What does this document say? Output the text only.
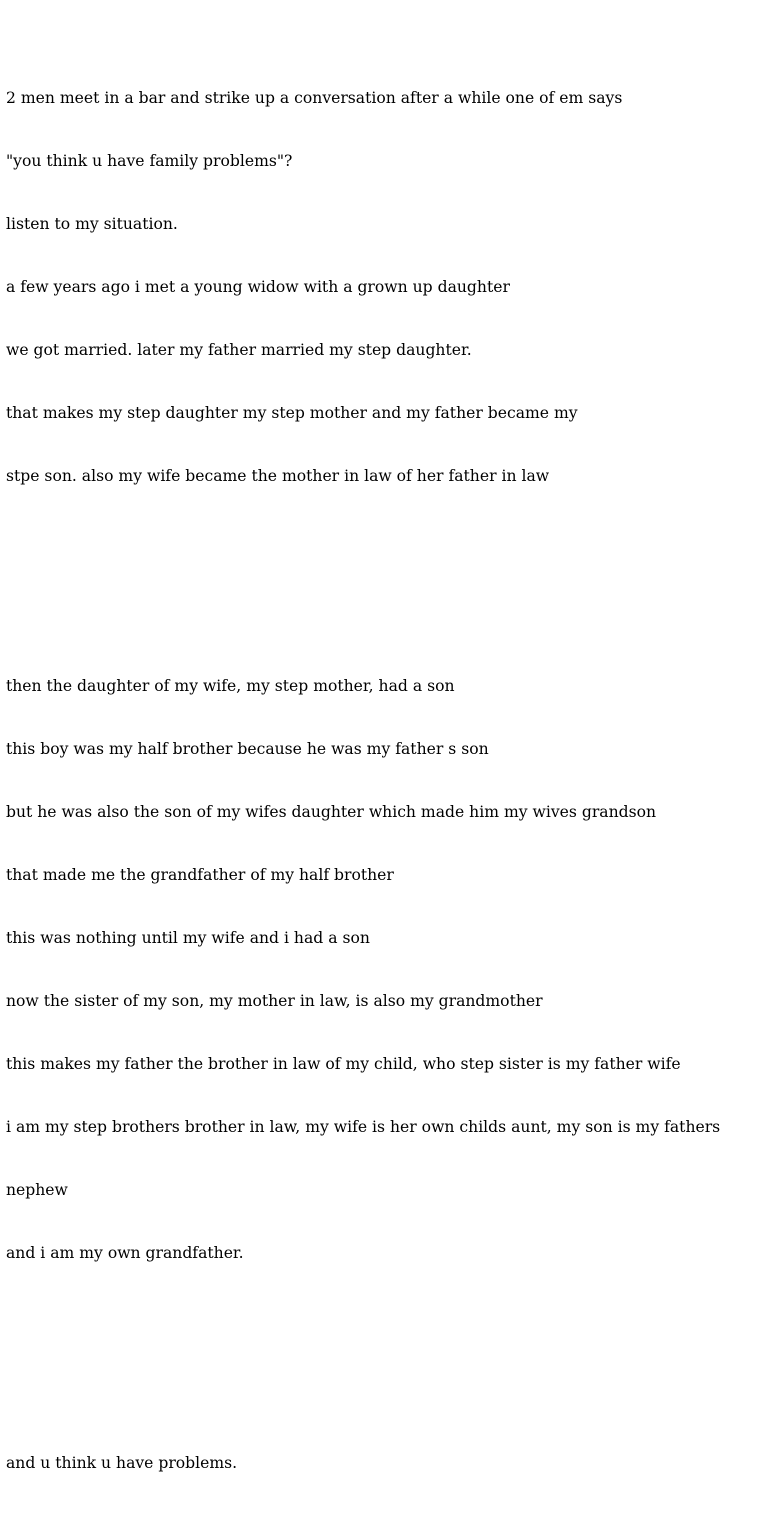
2 men meet in a bar and strike up a conversation after a while one of em says

"you think u have family problems"?

listen to my situation.

a few years ago i met a young widow with a grown up daughter

we got married. later my father married my step daughter.

that makes my step daughter my step mother and my father became my

stpe son. also my wife became the mother in law of her father in law

then the daughter of my wife, my step mother, had a son

this boy was my half brother because he was my father s son

but he was also the son of my wifes daughter which made him my wives grandson

that made me the grandfather of my half brother

this was nothing until my wife and i had a son

now the sister of my son, my mother in law, is also my grandmother

this makes my father the brother in law of my child, who step sister is my father wife

i am my step brothers brother in law, my wife is her own childs aunt, my son is my fathers

nephew

and i am my own grandfather.

and u think u have problems.
